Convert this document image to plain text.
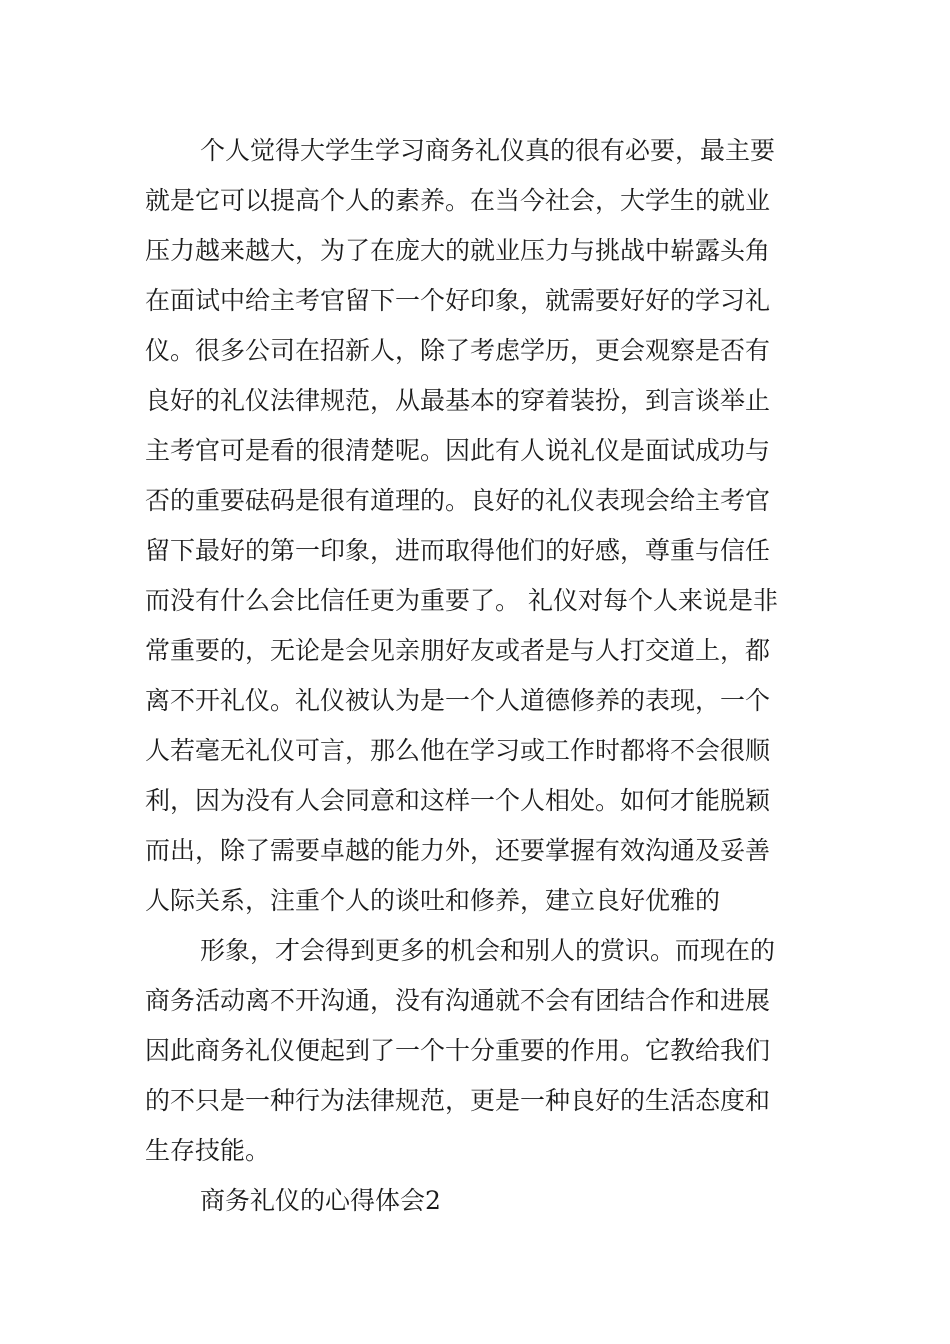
个人觉得大学生学习商务礼仪真的很有必要，最主要
就是它可以提高个人的素养。在当今社会，大学生的就业
压力越来越大，为了在庞大的就业压力与挑战中崭露头角
在面试中给主考官留下一个好印象，就需要好好的学习礼
仪。很多公司在招新人，除了考虑学历，更会观察是否有
良好的礼仪法律规范，从最基本的穿着装扮，到言谈举止
主考官可是看的很清楚呢。因此有人说礼仪是面试成功与
否的重要砝码是很有道理的。良好的礼仪表现会给主考官
留下最好的第一印象，进而取得他们的好感，尊重与信任
而没有什么会比信任更为重要了。 礼仪对每个人来说是非
常重要的，无论是会见亲朋好友或者是与人打交道上，都
离不开礼仪。礼仪被认为是一个人道德修养的表现，一个
人若毫无礼仪可言，那么他在学习或工作时都将不会很顺
利，因为没有人会同意和这样一个人相处。如何才能脱颖
而出，除了需要卓越的能力外，还要掌握有效沟通及妥善
人际关系，注重个人的谈吐和修养，建立良好优雅的
形象，才会得到更多的机会和别人的赏识。而现在的
商务活动离不开沟通，没有沟通就不会有团结合作和进展
因此商务礼仪便起到了一个十分重要的作用。它教给我们
的不只是一种行为法律规范，更是一种良好的生活态度和
生存技能。
商务礼仪的心得体会2
